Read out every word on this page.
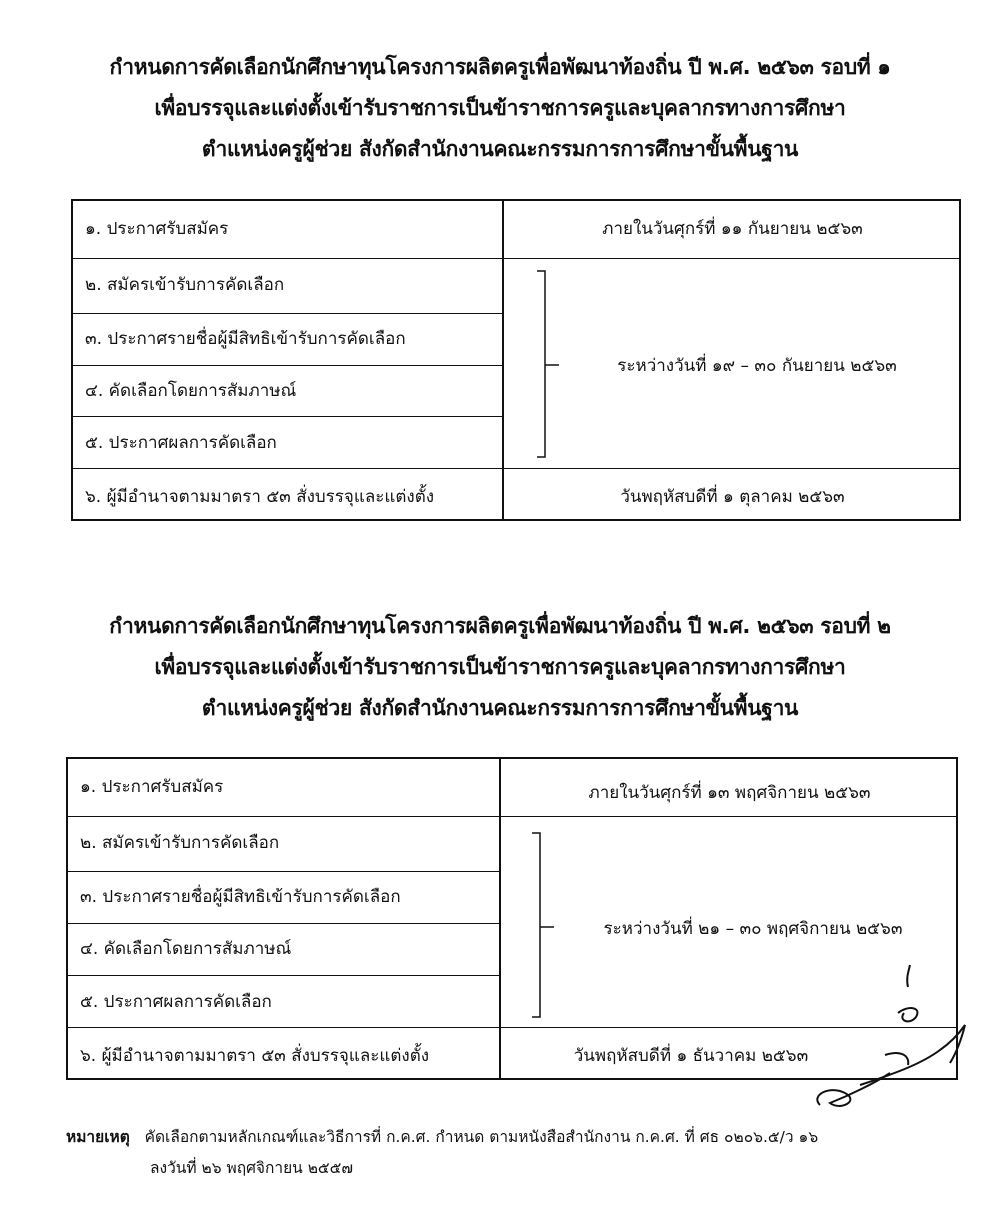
กำหนดการคัดเลือกนักศึกษาทุนโครงการผลิตครูเพื่อพัฒนาท้องถิ่น ปี พ.ศ. ๒๕๖๓ รอบที่ ๑
เพื่อบรรจุและแต่งตั้งเข้ารับราชการเป็นข้าราชการครูและบุคลากรทางการศึกษา
ตำแหน่งครูผู้ช่วย สังกัดสำนักงานคณะกรรมการการศึกษาขั้นพื้นฐาน
๑. ประกาศรับสมัคร
๒. สมัครเข้ารับการคัดเลือก
๓. ประกาศรายชื่อผู้มีสิทธิเข้ารับการคัดเลือก
๔. คัดเลือกโดยการสัมภาษณ์
๕. ประกาศผลการคัดเลือก
๖. ผู้มีอำนาจตามมาตรา ๕๓ สั่งบรรจุและแต่งตั้ง
ภายในวันศุกร์ที่ ๑๑ กันยายน ๒๕๖๓
ระหว่างวันที่ ๑๙ – ๓๐ กันยายน ๒๕๖๓
วันพฤหัสบดีที่ ๑ ตุลาคม ๒๕๖๓
กำหนดการคัดเลือกนักศึกษาทุนโครงการผลิตครูเพื่อพัฒนาท้องถิ่น ปี พ.ศ. ๒๕๖๓ รอบที่ ๒
เพื่อบรรจุและแต่งตั้งเข้ารับราชการเป็นข้าราชการครูและบุคลากรทางการศึกษา
ตำแหน่งครูผู้ช่วย สังกัดสำนักงานคณะกรรมการการศึกษาขั้นพื้นฐาน
๑. ประกาศรับสมัคร
๒. สมัครเข้ารับการคัดเลือก
๓. ประกาศรายชื่อผู้มีสิทธิเข้ารับการคัดเลือก
๔. คัดเลือกโดยการสัมภาษณ์
๕. ประกาศผลการคัดเลือก
๖. ผู้มีอำนาจตามมาตรา ๕๓ สั่งบรรจุและแต่งตั้ง
ภายในวันศุกร์ที่ ๑๓ พฤศจิกายน ๒๕๖๓
ระหว่างวันที่ ๒๑ – ๓๐ พฤศจิกายน ๒๕๖๓
วันพฤหัสบดีที่ ๑ ธันวาคม ๒๕๖๓
หมายเหตุ คัดเลือกตามหลักเกณฑ์และวิธีการที่ ก.ค.ศ. กำหนด ตามหนังสือสำนักงาน ก.ค.ศ. ที่ ศธ ๐๒๐๖.๕/ว ๑๖
ลงวันที่ ๒๖ พฤศจิกายน ๒๕๕๗
